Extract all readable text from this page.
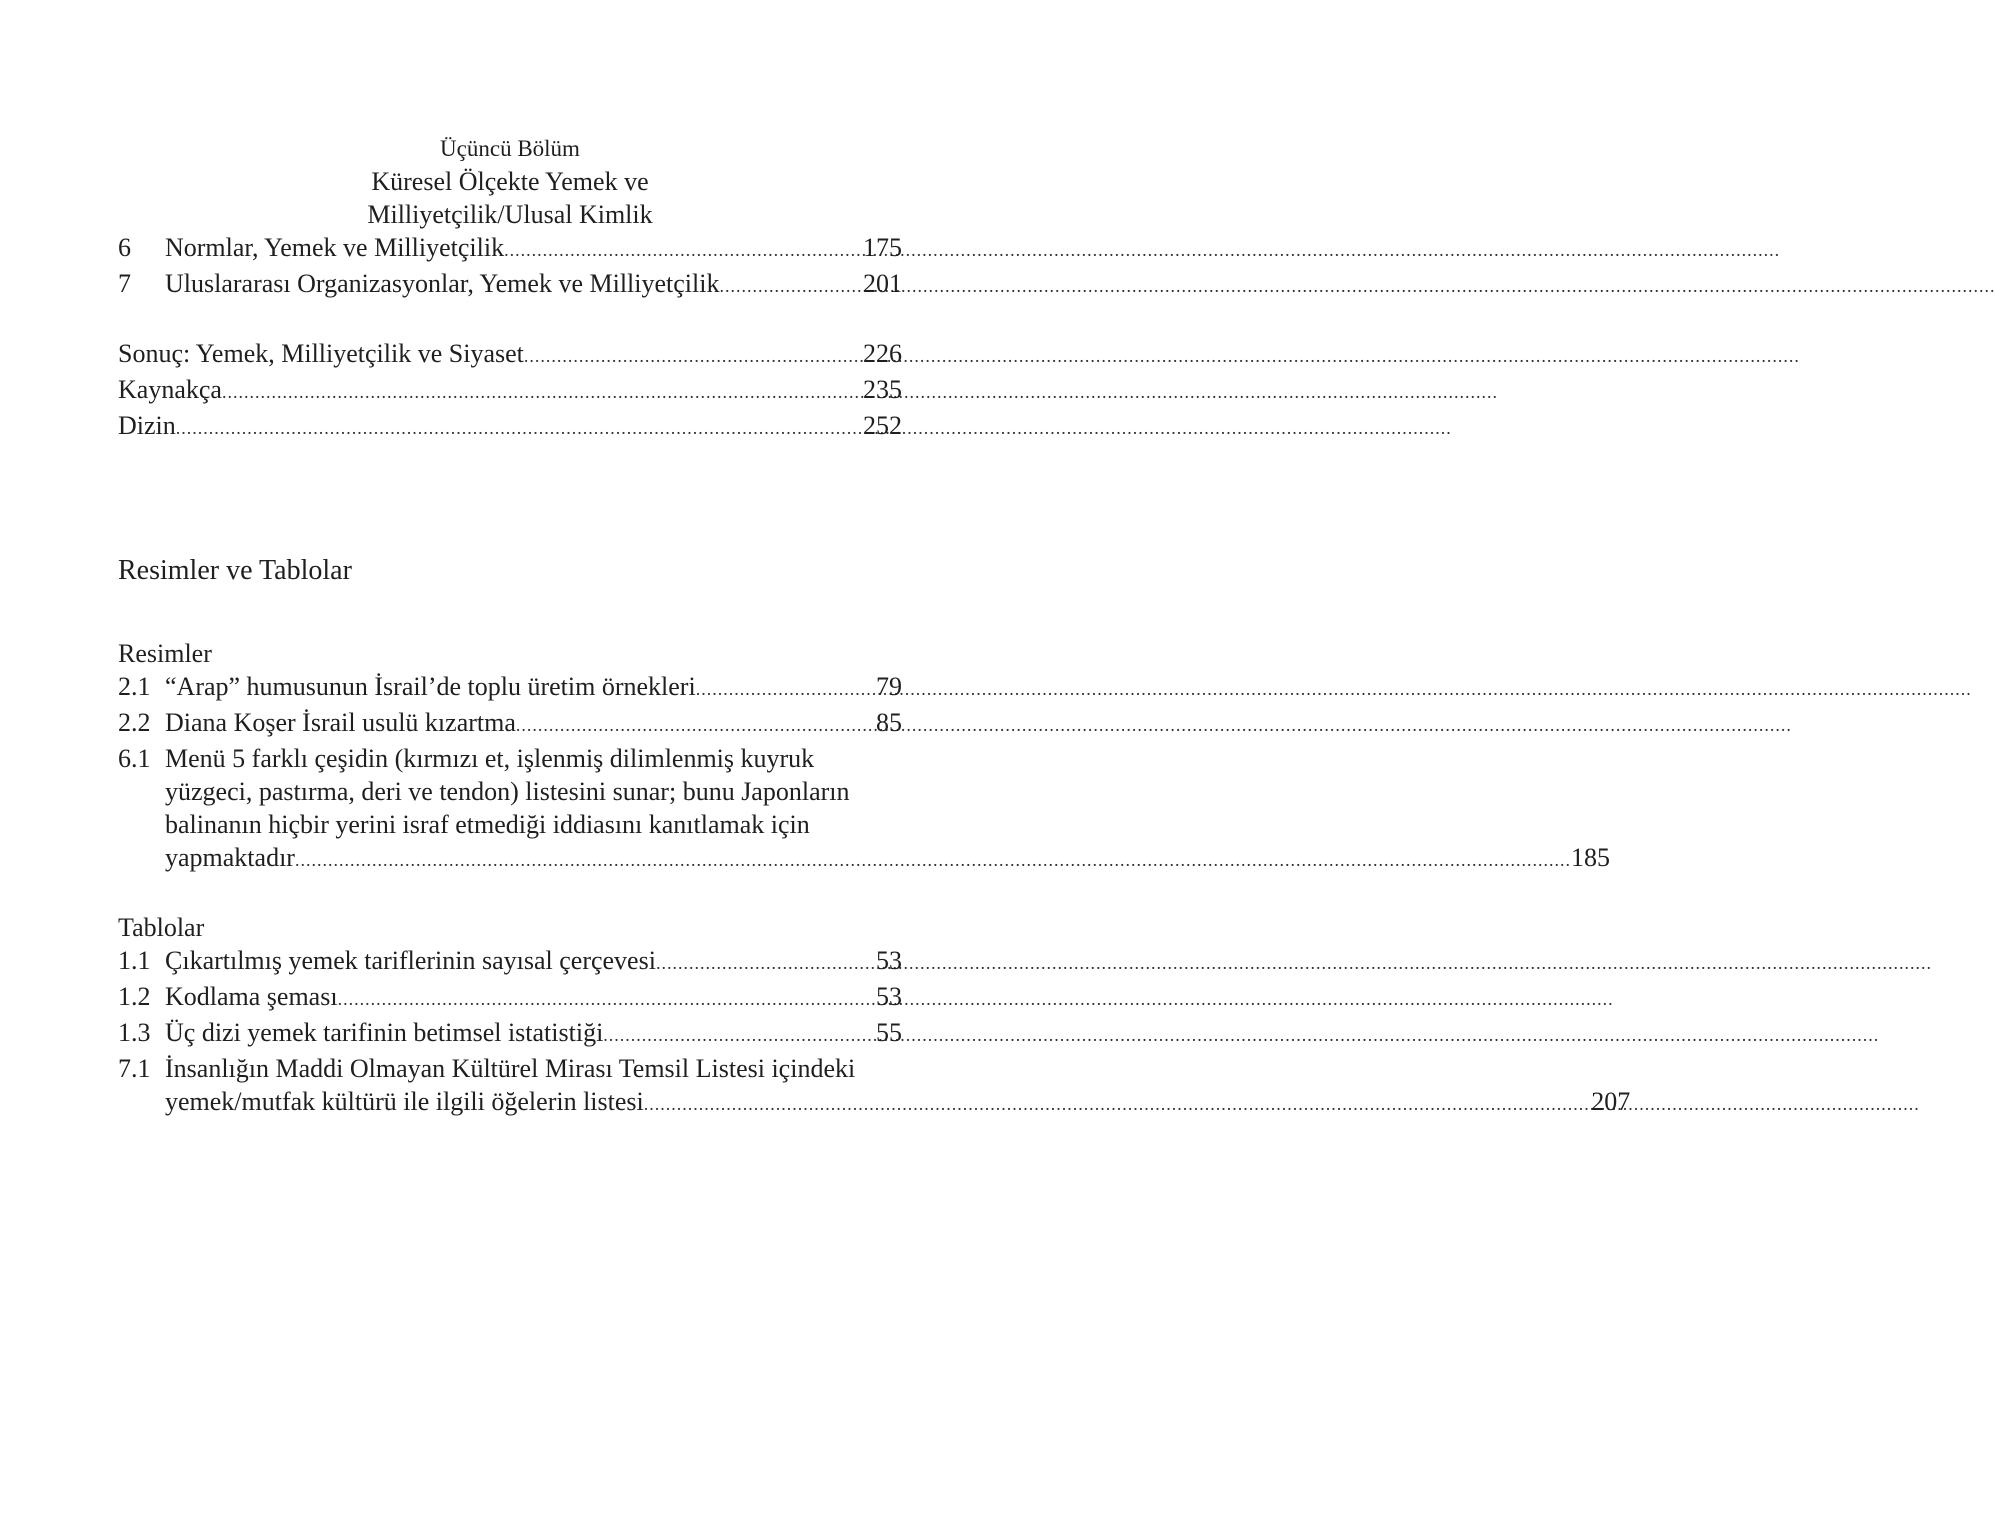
Üçüncü Bölüm
Küresel Ölçekte Yemek ve
Milliyetçilik/Ulusal Kimlik
6	Normlar, Yemek ve Milliyetçilik .....	175
7	Uluslararası Organizasyonlar, Yemek ve Milliyetçilik .....	201
Sonuç: Yemek, Milliyetçilik ve Siyaset .....	226
Kaynakça .....	235
Dizin .....	252
Resimler ve Tablolar
Resimler
2.1 “Arap” humusunun İsrail’de toplu üretim örnekleri .....	79
2.2 Diana Koşer İsrail usulü kızartma .....	85
6.1 Menü 5 farklı çeşidin (kırmızı et, işlenmiş dilimlenmiş kuyruk
yüzgeci, pastırma, deri ve tendon) listesini sunar; bunu Japonların
balinanın hiçbir yerini israf etmediği iddiasını kanıtlamak için
yapmaktadır .....	185
Tablolar
1.1 Çıkartılmış yemek tariflerinin sayısal çerçevesi .....	53
1.2 Kodlama şeması .....	53
1.3 Üç dizi yemek tarifinin betimsel istatistiği .....	55
7.1 İnsanlığın Maddi Olmayan Kültürel Mirası Temsil Listesi içindeki
yemek/mutfak kültürü ile ilgili öğelerin listesi .....	207
